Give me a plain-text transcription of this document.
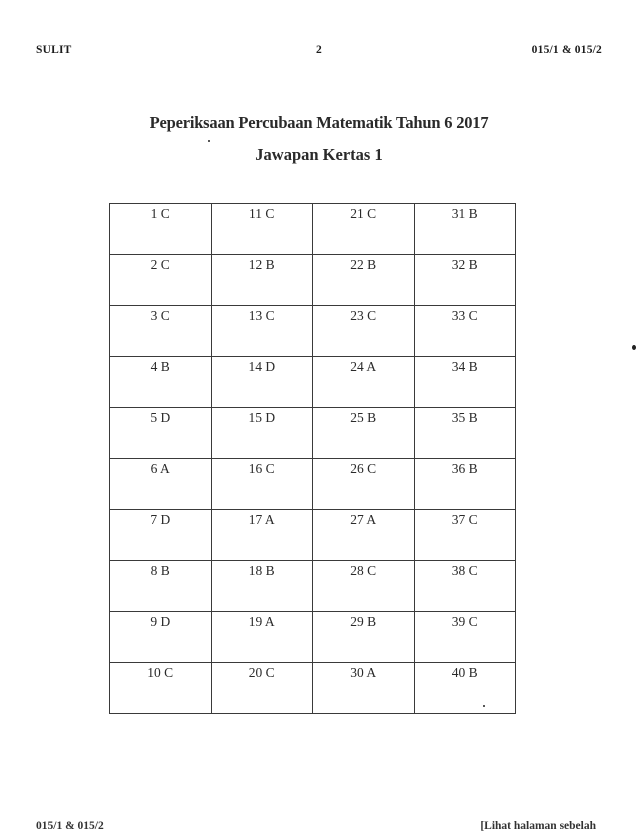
SULIT	2	015/1 & 015/2
Peperiksaan Percubaan Matematik Tahun 6 2017
Jawapan Kertas 1
1 C	11 C	21 C	31 B
2 C	12 B	22 B	32 B
3 C	13 C	23 C	33 C
4 B	14 D	24 A	34 B
5 D	15 D	25 B	35 B
6 A	16 C	26 C	36 B
7 D	17 A	27 A	37 C
8 B	18 B	28 C	38 C
9 D	19 A	29 B	39 C
10 C	20 C	30 A	40 B
015/1 & 015/2	[Lihat halaman sebelah
